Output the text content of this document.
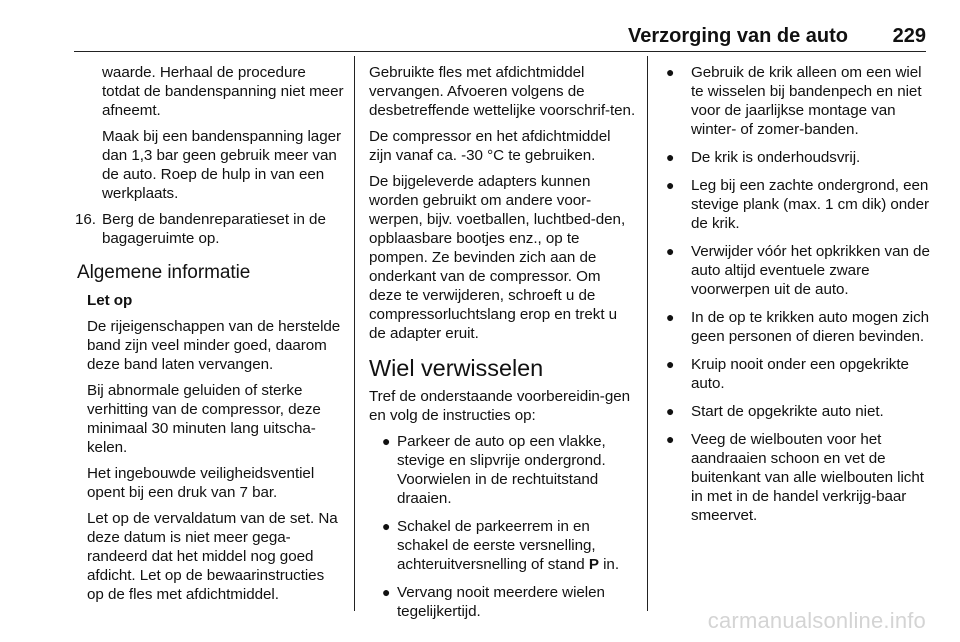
Verzorging van de auto 229

waarde. Herhaal de procedure totdat de bandenspanning niet meer afneemt.

Maak bij een bandenspanning lager dan 1,3 bar geen gebruik meer van de auto. Roep de hulp in van een werkplaats.

16. Berg de bandenreparatieset in de bagageruimte op.
Algemene informatie

Let op

De rijeigenschappen van de herstelde band zijn veel minder goed, daarom deze band laten vervangen.

Bij abnormale geluiden of sterke verhitting van de compressor, deze minimaal 30 minuten lang uitscha-kelen.

Het ingebouwde veiligheidsventiel opent bij een druk van 7 bar.

Let op de vervaldatum van de set. Na deze datum is niet meer gega-randeerd dat het middel nog goed afdicht. Let op de bewaarinstructies op de fles met afdichtmiddel.

Gebruikte fles met afdichtmiddel vervangen. Afvoeren volgens de desbetreffende wettelijke voorschrif-ten.

De compressor en het afdichtmiddel zijn vanaf ca. -30 °C te gebruiken.

De bijgeleverde adapters kunnen worden gebruikt om andere voor-werpen, bijv. voetballen, luchtbed-den, opblaasbare bootjes enz., op te pompen. Ze bevinden zich aan de onderkant van de compressor. Om deze te verwijderen, schroeft u de compressorluchtslang erop en trekt u de adapter eruit.

Wiel verwisselen

Tref de onderstaande voorbereidin-gen en volg de instructies op:

● Parkeer de auto op een vlakke, stevige en slipvrije ondergrond. Voorwielen in de rechtuitstand draaien.
● Schakel de parkeerrem in en schakel de eerste versnelling, achteruitversnelling of stand P in.
● Vervang nooit meerdere wielen tegelijkertijd.
● Gebruik de krik alleen om een wiel te wisselen bij bandenpech en niet voor de jaarlijkse montage van winter- of zomer-banden.
● De krik is onderhoudsvrij.
● Leg bij een zachte ondergrond, een stevige plank (max. 1 cm dik) onder de krik.
● Verwijder vóór het opkrikken van de auto altijd eventuele zware voorwerpen uit de auto.
● In de op te krikken auto mogen zich geen personen of dieren bevinden.
● Kruip nooit onder een opgekrikte auto.
● Start de opgekrikte auto niet.
● Veeg de wielbouten voor het aandraaien schoon en vet de buitenkant van alle wielbouten licht in met in de handel verkrijg-baar smeervet.
carmanualsonline.info
